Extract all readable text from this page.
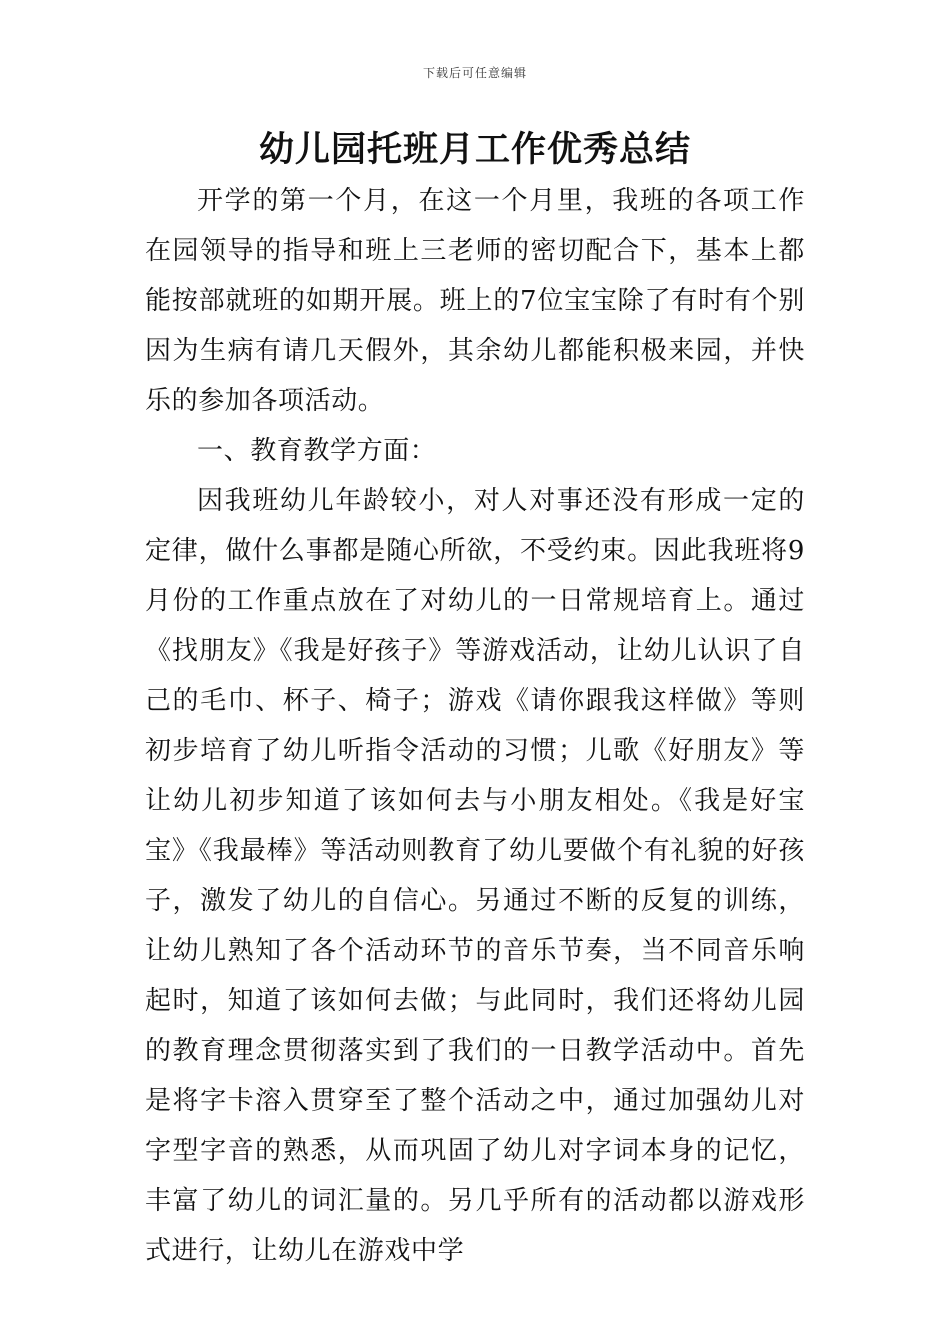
下载后可任意编辑
幼儿园托班月工作优秀总结

开学的第一个月，在这一个月里，我班的各项工作在园领导的指导和班上三老师的密切配合下，基本上都能按部就班的如期开展。班上的7位宝宝除了有时有个别因为生病有请几天假外，其余幼儿都能积极来园，并快乐的参加各项活动。

一、教育教学方面：

因我班幼儿年龄较小，对人对事还没有形成一定的定律，做什么事都是随心所欲，不受约束。因此我班将9月份的工作重点放在了对幼儿的一日常规培育上。通过《找朋友》《我是好孩子》等游戏活动，让幼儿认识了自己的毛巾、杯子、椅子；游戏《请你跟我这样做》等则初步培育了幼儿听指令活动的习惯；儿歌《好朋友》等让幼儿初步知道了该如何去与小朋友相处。《我是好宝宝》《我最棒》等活动则教育了幼儿要做个有礼貌的好孩子，激发了幼儿的自信心。另通过不断的反复的训练，让幼儿熟知了各个活动环节的音乐节奏，当不同音乐响起时，知道了该如何去做；与此同时，我们还将幼儿园的教育理念贯彻落实到了我们的一日教学活动中。首先是将字卡溶入贯穿至了整个活动之中，通过加强幼儿对字型字音的熟悉，从而巩固了幼儿对字词本身的记忆，丰富了幼儿的词汇量的。另几乎所有的活动都以游戏形式进行，让幼儿在游戏中学
